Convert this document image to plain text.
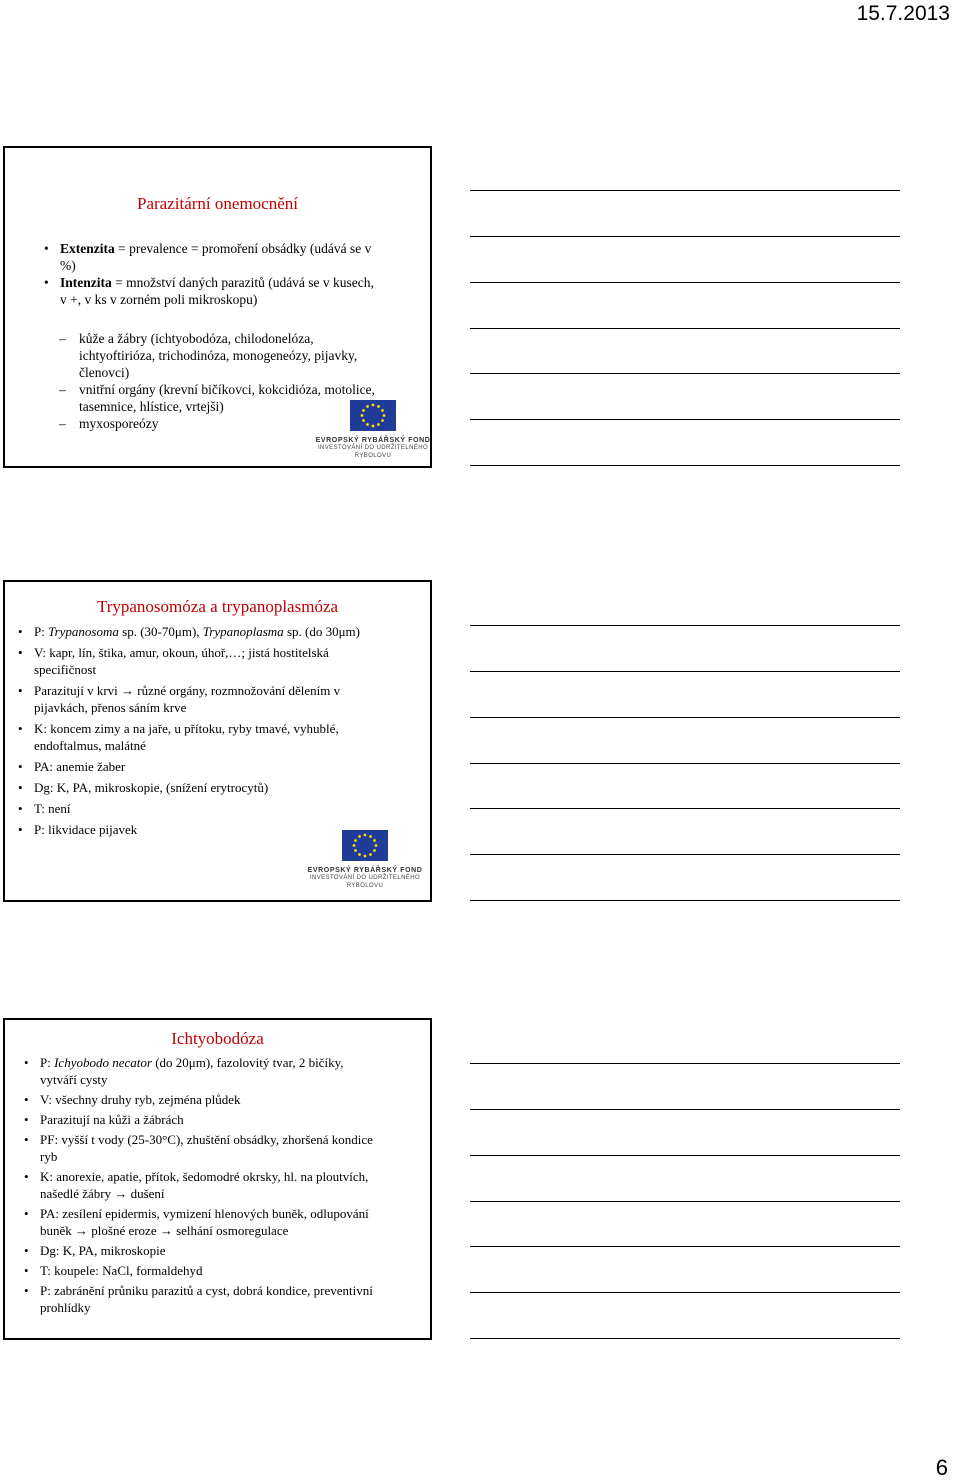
15.7.2013
Parazitární onemocnění
• Extenzita = prevalence = promoření obsádky (udává se v
%)
• Intenzita = množství daných parazitů (udává se v kusech,
v +, v ks v zorném poli mikroskopu)
– kůže a žábry (ichtyobodóza, chilodonelóza,
ichtyoftirióza, trichodinóza, monogeneózy, pijavky,
členovci)
– vnitřní orgány (krevní bičíkovci, kokcidióza, motolice,
tasemnice, hlístice, vrtejši)
– myxosporeózy
EVROPSKÝ RYBÁŘSKÝ FOND
INVESTOVÁNÍ DO UDRŽITELNÉHO
RYBOLOVU
Trypanosomóza a trypanoplasmóza
• P: Trypanosoma sp. (30-70μm), Trypanoplasma sp. (do 30μm)
• V: kapr, lín, štika, amur, okoun, úhoř,…; jistá hostitelská
specifičnost
• Parazitují v krvi → různé orgány, rozmnožování dělením v
pijavkách, přenos sáním krve
• K: koncem zimy a na jaře, u přítoku, ryby tmavé, vyhublé,
endoftalmus, malátné
• PA: anemie žaber
• Dg: K, PA, mikroskopie, (snížení erytrocytů)
• T: není
• P: likvidace pijavek
EVROPSKÝ RYBÁŘSKÝ FOND
INVESTOVÁNÍ DO UDRŽITELNÉHO
RYBOLOVU
Ichtyobodóza
• P: Ichyobodo necator (do 20μm), fazolovitý tvar, 2 bičíky,
vytváří cysty
• V: všechny druhy ryb, zejména plůdek
• Parazitují na kůži a žábrách
• PF: vyšší t vody (25-30°C), zhuštění obsádky, zhoršená kondice
ryb
• K: anorexie, apatie, přítok, šedomodré okrsky, hl. na ploutvích,
našedlé žábry → dušení
• PA: zesílení epidermis, vymizení hlenových buněk, odlupování
buněk → plošné eroze → selhání osmoregulace
• Dg: K, PA, mikroskopie
• T: koupele: NaCl, formaldehyd
• P: zabránění průniku parazitů a cyst, dobrá kondice, preventivní
prohlídky
6
